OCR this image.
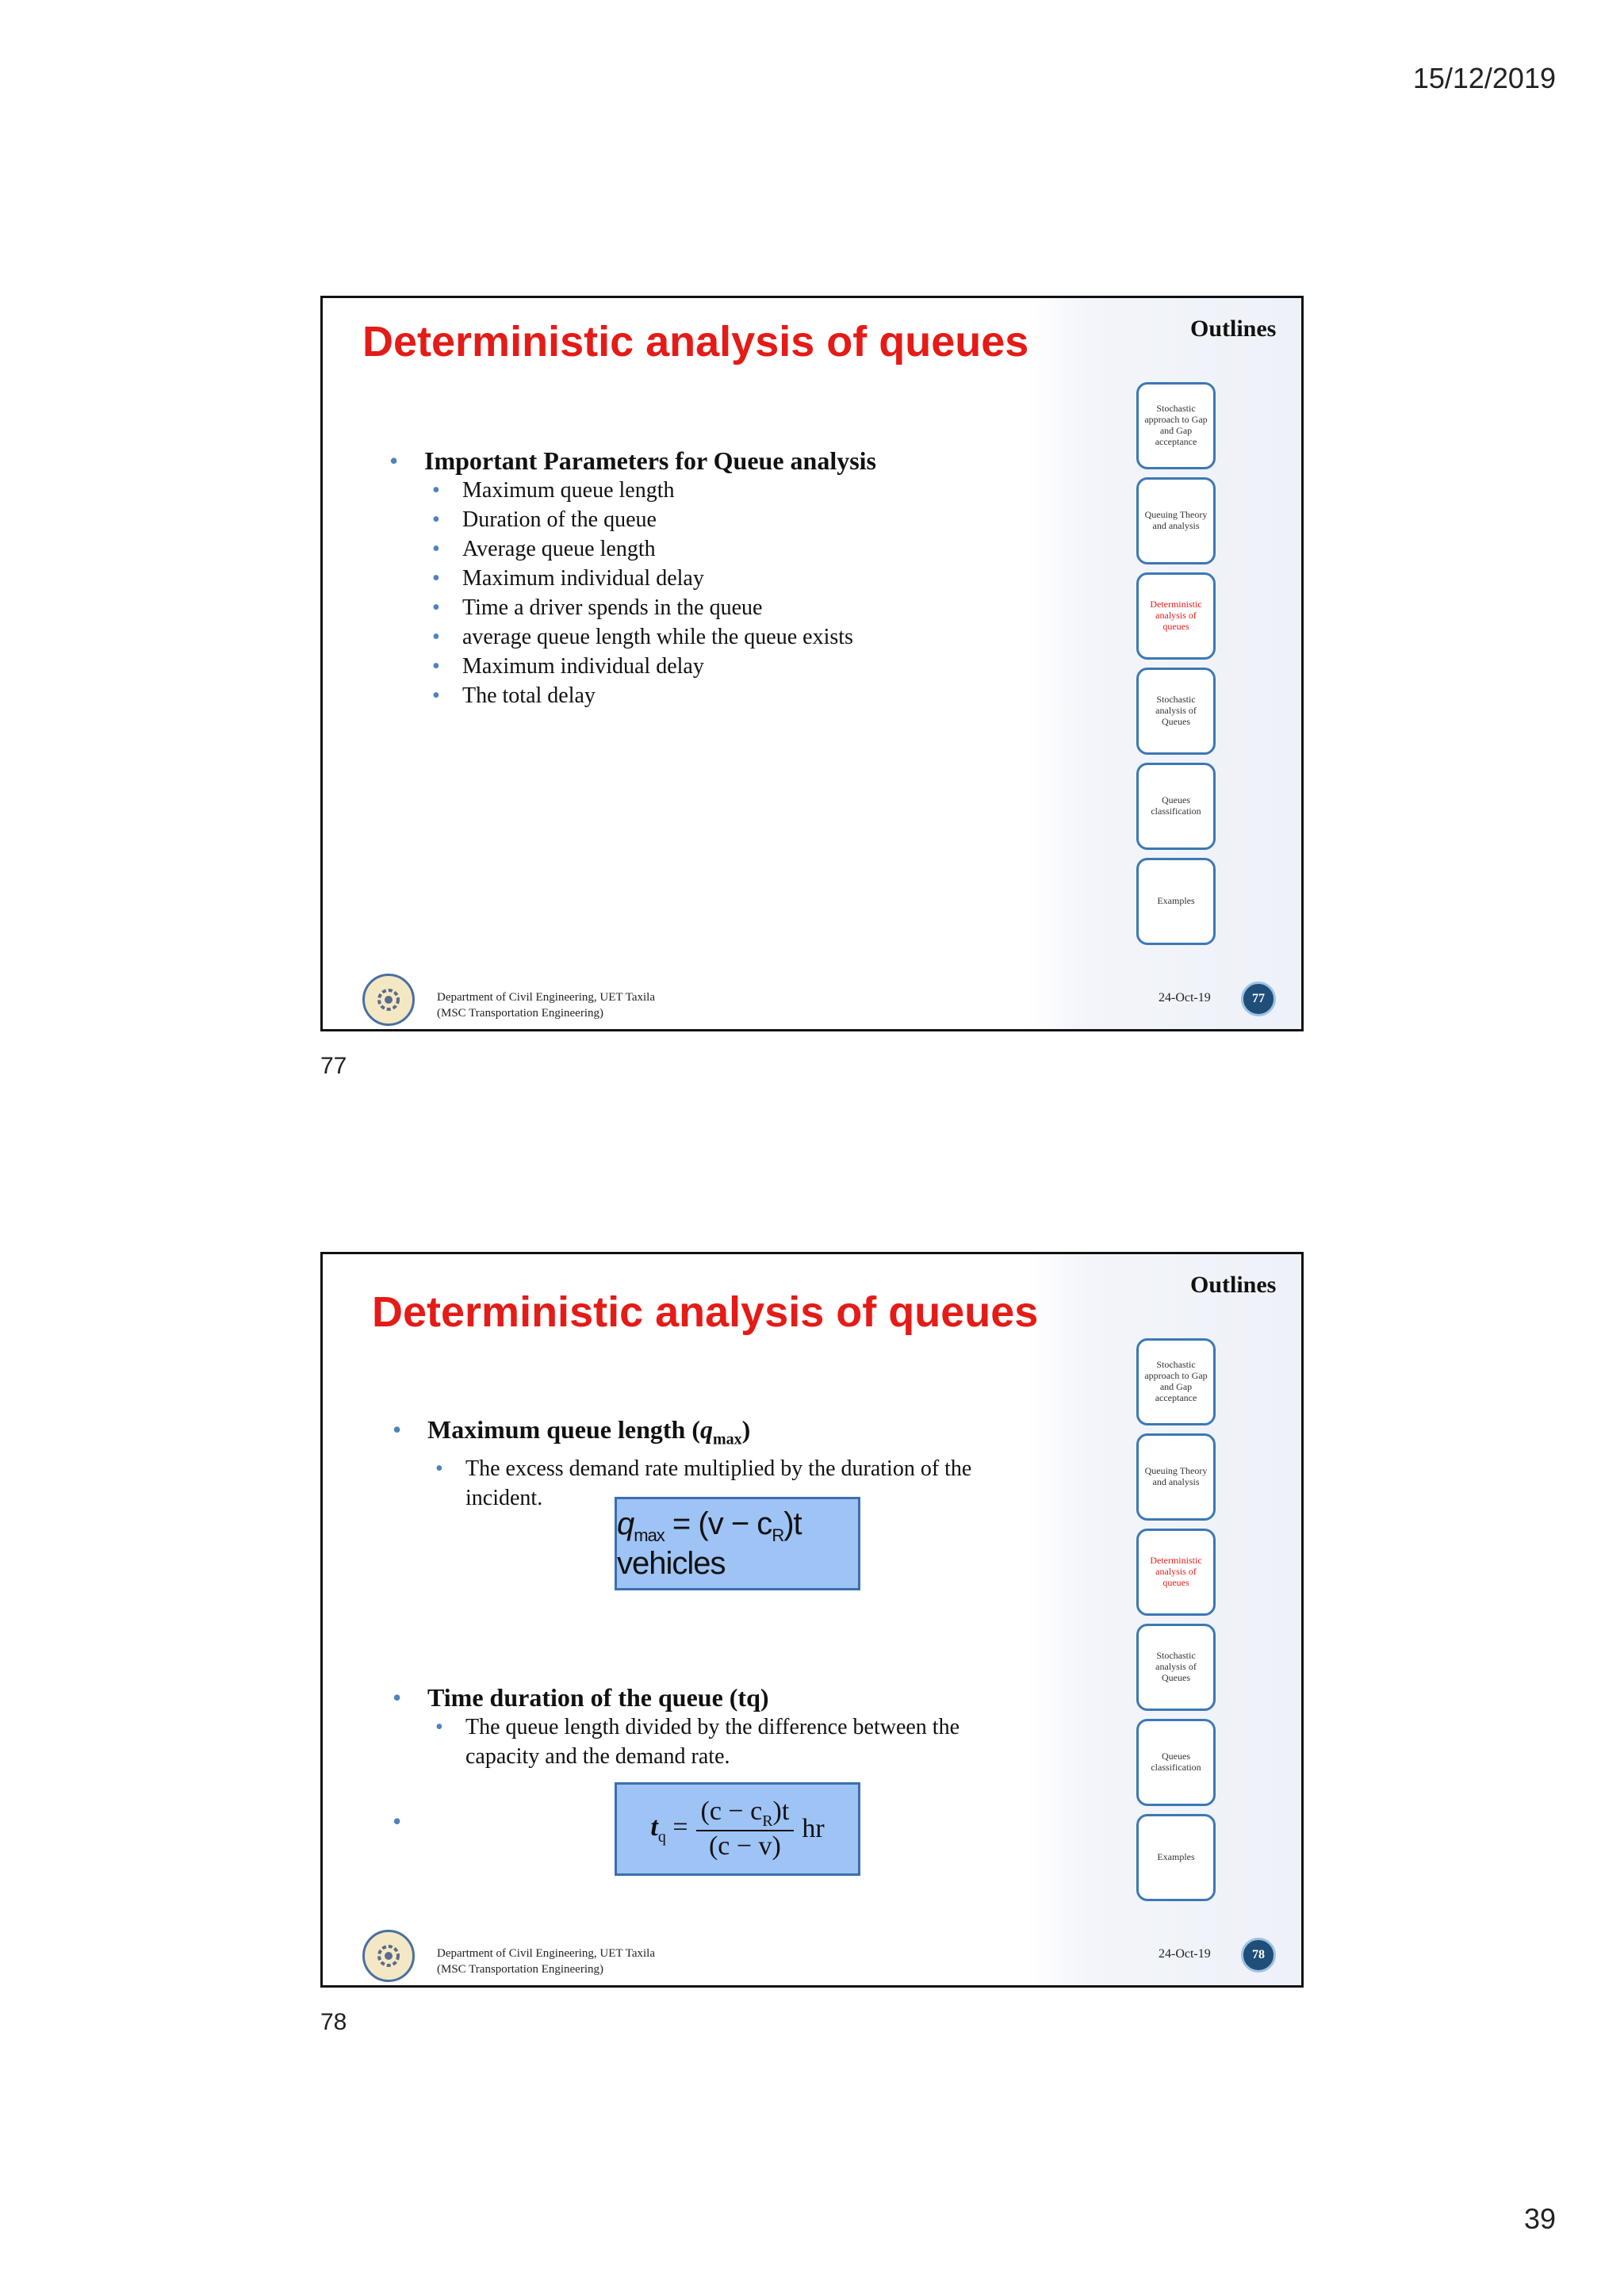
15/12/2019
Deterministic analysis of queues	Outlines
Stochastic approach to Gap and Gap acceptance
Queuing Theory and analysis
Deterministic analysis of queues
Stochastic analysis of Queues
Queues classification
Examples
• Important Parameters for Queue analysis
• Maximum queue length
• Duration of the queue
• Average queue length
• Maximum individual delay
• Time a driver spends in the queue
• average queue length while the queue exists
• Maximum individual delay
• The total delay
Department of Civil Engineering, UET Taxila
(MSC Transportation Engineering)
24-Oct-19	77
77
Deterministic analysis of queues
Outlines
Stochastic approach to Gap and Gap acceptance
Queuing Theory and analysis
Deterministic analysis of queues
Stochastic analysis of Queues
Queues classification
Examples
• Maximum queue length $(q_{max})$
• The excess demand rate multiplied by the duration of the incident.
$q_{max} = (v - c_R)t$ vehicles
• Time duration of the queue (tq)
• The queue length divided by the difference between the capacity and the demand rate.
•
$t_q = \frac{(c - c_R)t}{(c - v)}$ hr
Department of Civil Engineering, UET Taxila
(MSC Transportation Engineering)
24-Oct-19	78
78
39
